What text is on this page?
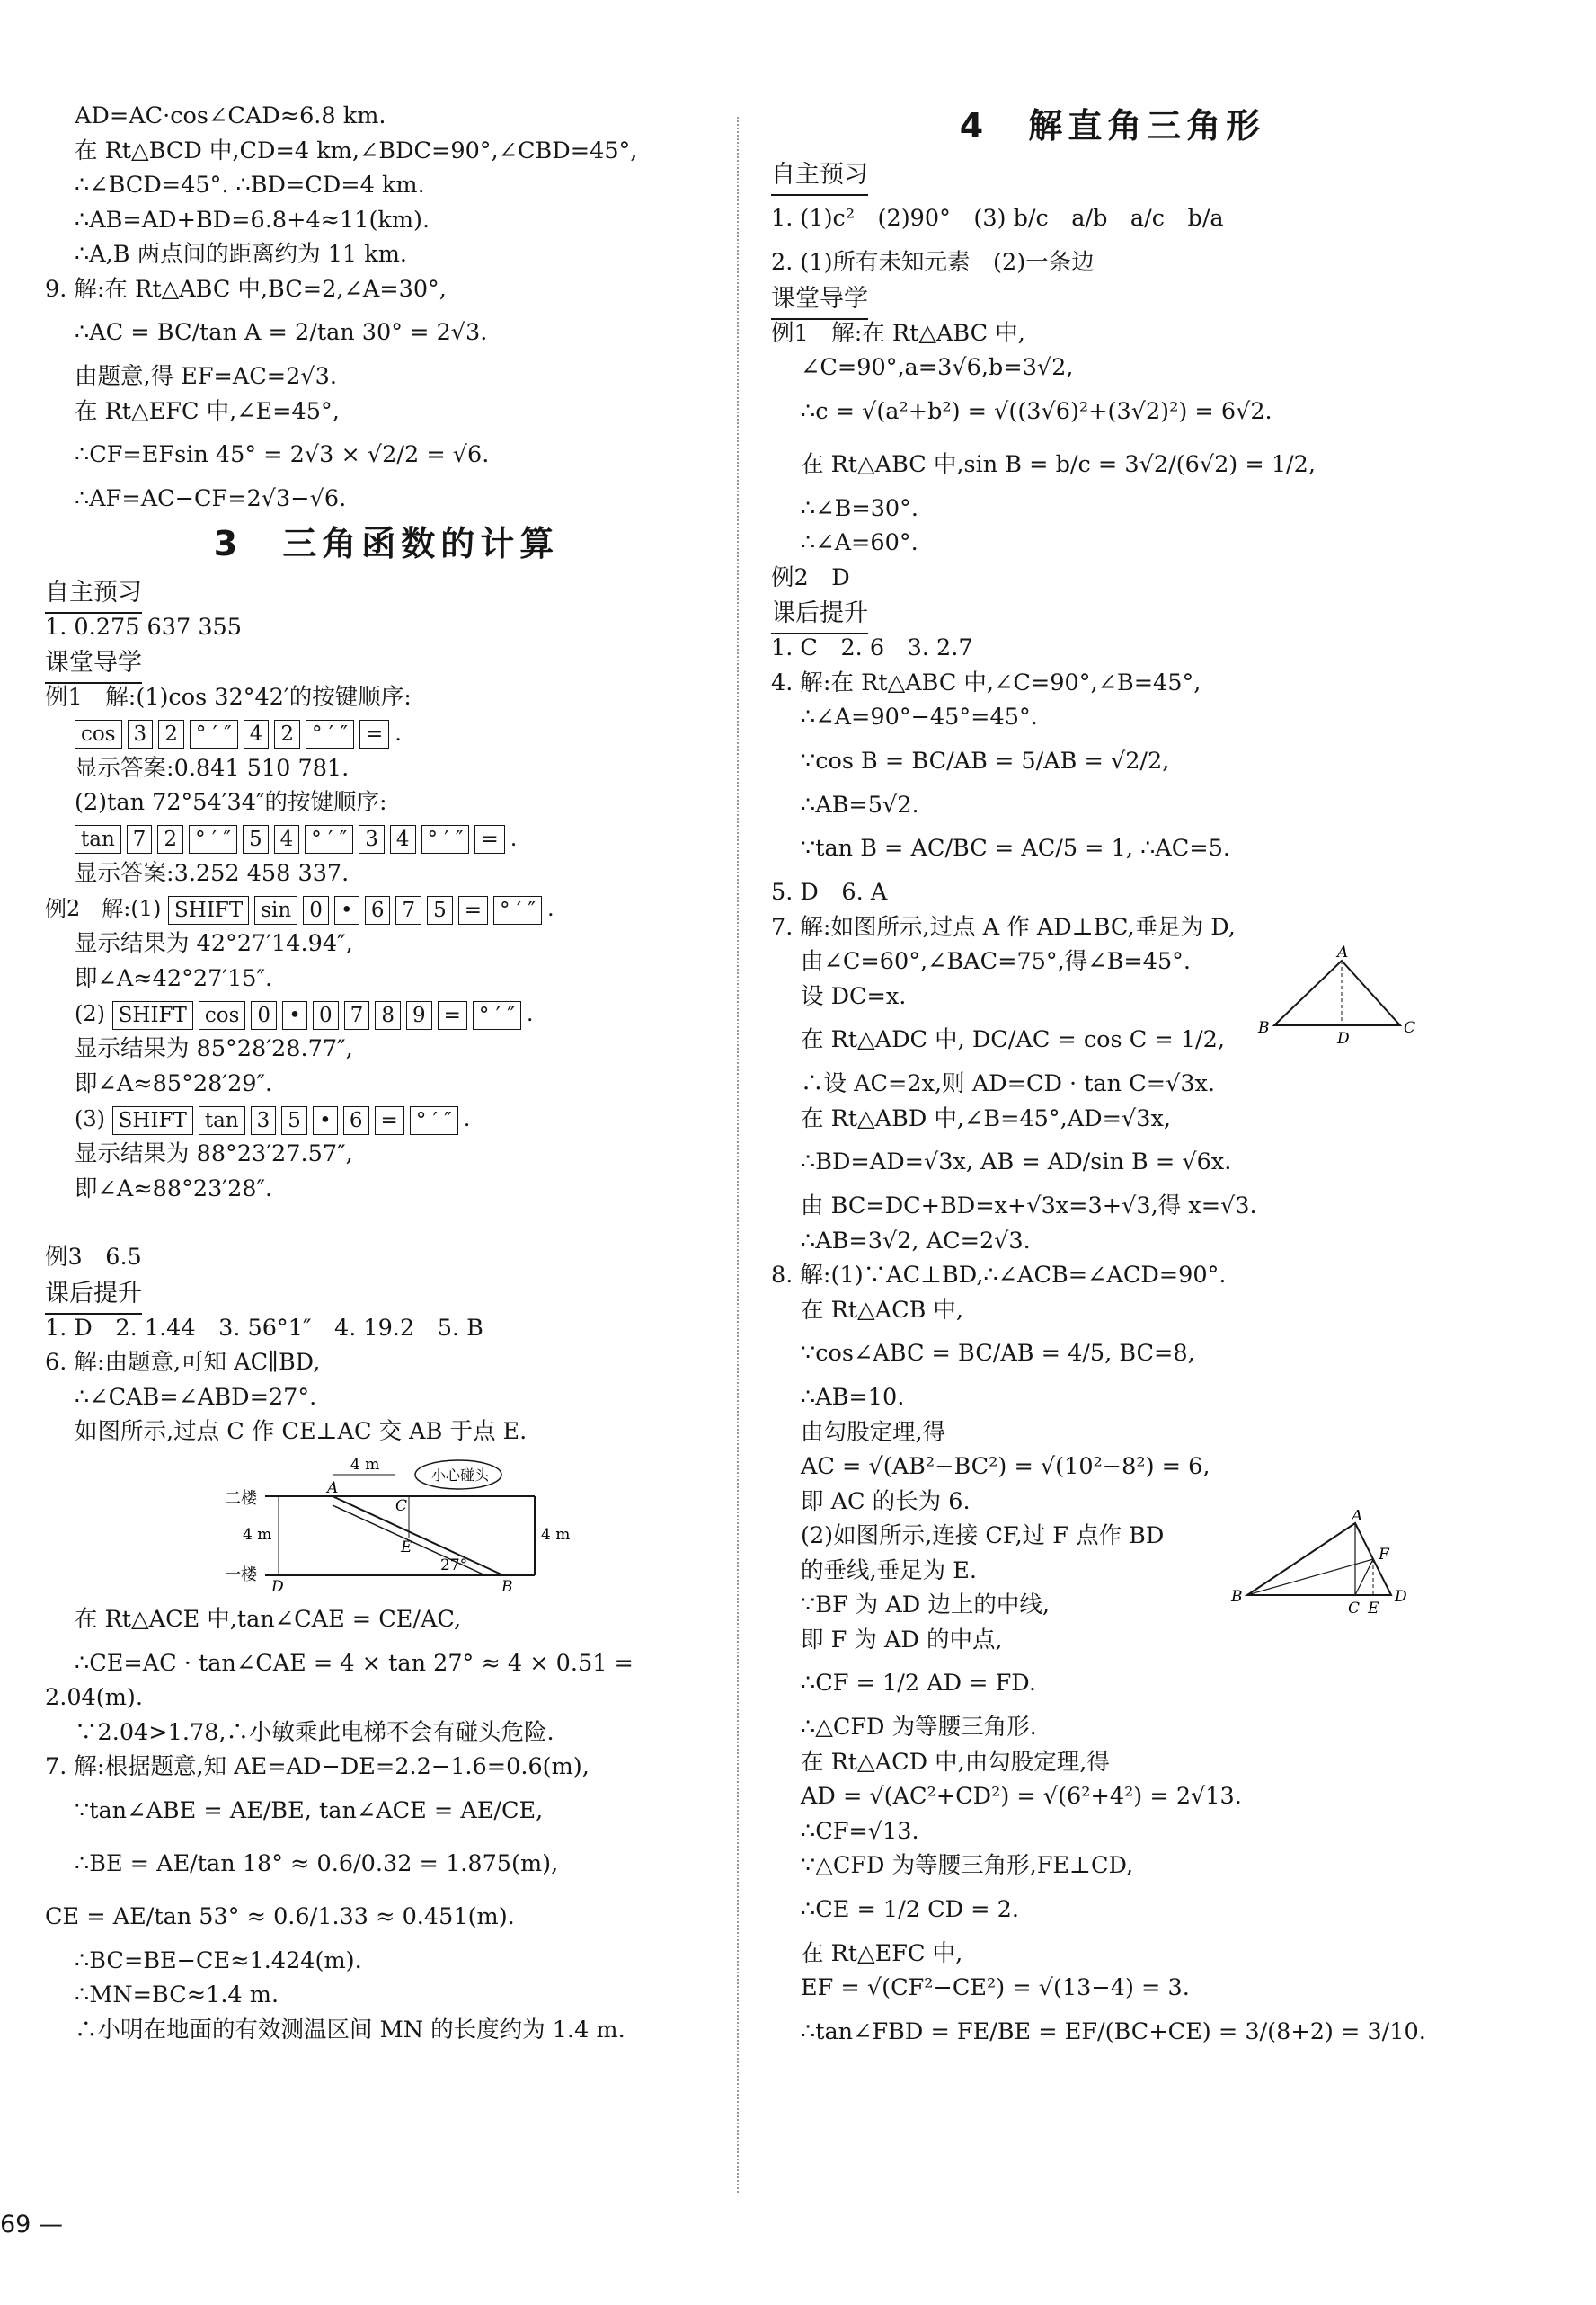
AD=AC·cos∠CAD≈6.8 km.
在 Rt△BCD 中,CD=4 km,∠BDC=90°,∠CBD=45°,
∴∠BCD=45°. ∴BD=CD=4 km.
∴AB=AD+BD=6.8+4≈11(km).
∴A,B 两点间的距离约为 11 km.
9. 解:在 Rt△ABC 中,BC=2,∠A=30°,
∴AC = BC/tan A = 2/tan 30° = 2√3.
由题意,得 EF=AC=2√3.
在 Rt△EFC 中,∠E=45°,
∴CF=EFsin 45° = 2√3 × √2/2 = √6.
∴AF=AC−CF=2√3−√6.
3　三角函数的计算
自主预习
1. 0.275 637 355
课堂导学
例1　解:(1)cos 32°42′的按键顺序:
cos 3 2 ° ′ ″ 4 2 ° ′ ″ = .
显示答案:0.841 510 781.
(2)tan 72°54′34″的按键顺序:
tan 7 2 ° ′ ″ 5 4 ° ′ ″ 3 4 ° ′ ″ = .
显示答案:3.252 458 337.
例2　解:(1) SHIFT sin 0 • 6 7 5 = ° ′ ″ .
显示结果为 42°27′14.94″,
即∠A≈42°27′15″.
(2) SHIFT cos 0 • 0 7 8 9 = ° ′ ″ .
显示结果为 85°28′28.77″,
即∠A≈85°28′29″.
(3) SHIFT tan 3 5 • 6 = ° ′ ″ .
显示结果为 88°23′27.57″,
即∠A≈88°23′28″.
例3　6.5
课后提升
1. D　2. 1.44　3. 56°1″　4. 19.2　5. B
6. 解:由题意,可知 AC∥BD,
∴∠CAB=∠ABD=27°.
如图所示,过点 C 作 CE⊥AC 交 AB 于点 E.
二楼
一楼
4 m
4 m	4 m
27°
小心碰头
A
B
C
D
E
在 Rt△ACE 中,tan∠CAE = CE/AC,
∴CE=AC · tan∠CAE = 4 × tan 27° ≈ 4 × 0.51 =
2.04(m).
∵2.04>1.78,∴小敏乘此电梯不会有碰头危险.
7. 解:根据题意,知 AE=AD−DE=2.2−1.6=0.6(m),
∵tan∠ABE = AE/BE, tan∠ACE = AE/CE,
∴BE = AE/tan 18° ≈ 0.6/0.32 = 1.875(m),
CE = AE/tan 53° ≈ 0.6/1.33 ≈ 0.451(m).
∴BC=BE−CE≈1.424(m).
∴MN=BC≈1.4 m.
∴小明在地面的有效测温区间 MN 的长度约为 1.4 m.
4　解直角三角形
自主预习
1. (1)c²　(2)90°　(3) b/c　a/b　a/c　b/a
2. (1)所有未知元素　(2)一条边
课堂导学
例1　解:在 Rt△ABC 中,
∠C=90°,a=3√6,b=3√2,
∴c = √(a²+b²) = √((3√6)²+(3√2)²) = 6√2.
在 Rt△ABC 中,sin B = b/c = 3√2/(6√2) = 1/2,
∴∠B=30°.
∴∠A=60°.
例2　D
课后提升
1. C　2. 6　3. 2.7
4. 解:在 Rt△ABC 中,∠C=90°,∠B=45°,
∴∠A=90°−45°=45°.
∵cos B = BC/AB = 5/AB = √2/2,
∴AB=5√2.
∵tan B = AC/BC = AC/5 = 1, ∴AC=5.
5. D　6. A
7. 解:如图所示,过点 A 作 AD⊥BC,垂足为 D,
A
B	C
D
由∠C=60°,∠BAC=75°,得∠B=45°.
设 DC=x.
在 Rt△ADC 中, DC/AC = cos C = 1/2,
∴设 AC=2x,则 AD=CD · tan C=√3x.
在 Rt△ABD 中,∠B=45°,AD=√3x,
∴BD=AD=√3x, AB = AD/sin B = √6x.
由 BC=DC+BD=x+√3x=3+√3,得 x=√3.
∴AB=3√2, AC=2√3.
8. 解:(1)∵AC⊥BD,∴∠ACB=∠ACD=90°.
在 Rt△ACB 中,
∵cos∠ABC = BC/AB = 4/5, BC=8,
∴AB=10.
由勾股定理,得
AC = √(AB²−BC²) = √(10²−8²) = 6,
即 AC 的长为 6.
A
B
C
D
E
F
(2)如图所示,连接 CF,过 F 点作 BD
的垂线,垂足为 E.
∵BF 为 AD 边上的中线,
即 F 为 AD 的中点,
∴CF = 1/2 AD = FD.
∴△CFD 为等腰三角形.
在 Rt△ACD 中,由勾股定理,得
AD = √(AC²+CD²) = √(6²+4²) = 2√13.
∴CF=√13.
∵△CFD 为等腰三角形,FE⊥CD,
∴CE = 1/2 CD = 2.
在 Rt△EFC 中,
EF = √(CF²−CE²) = √(13−4) = 3.
∴tan∠FBD = FE/BE = EF/(BC+CE) = 3/(8+2) = 3/10.
69 —
